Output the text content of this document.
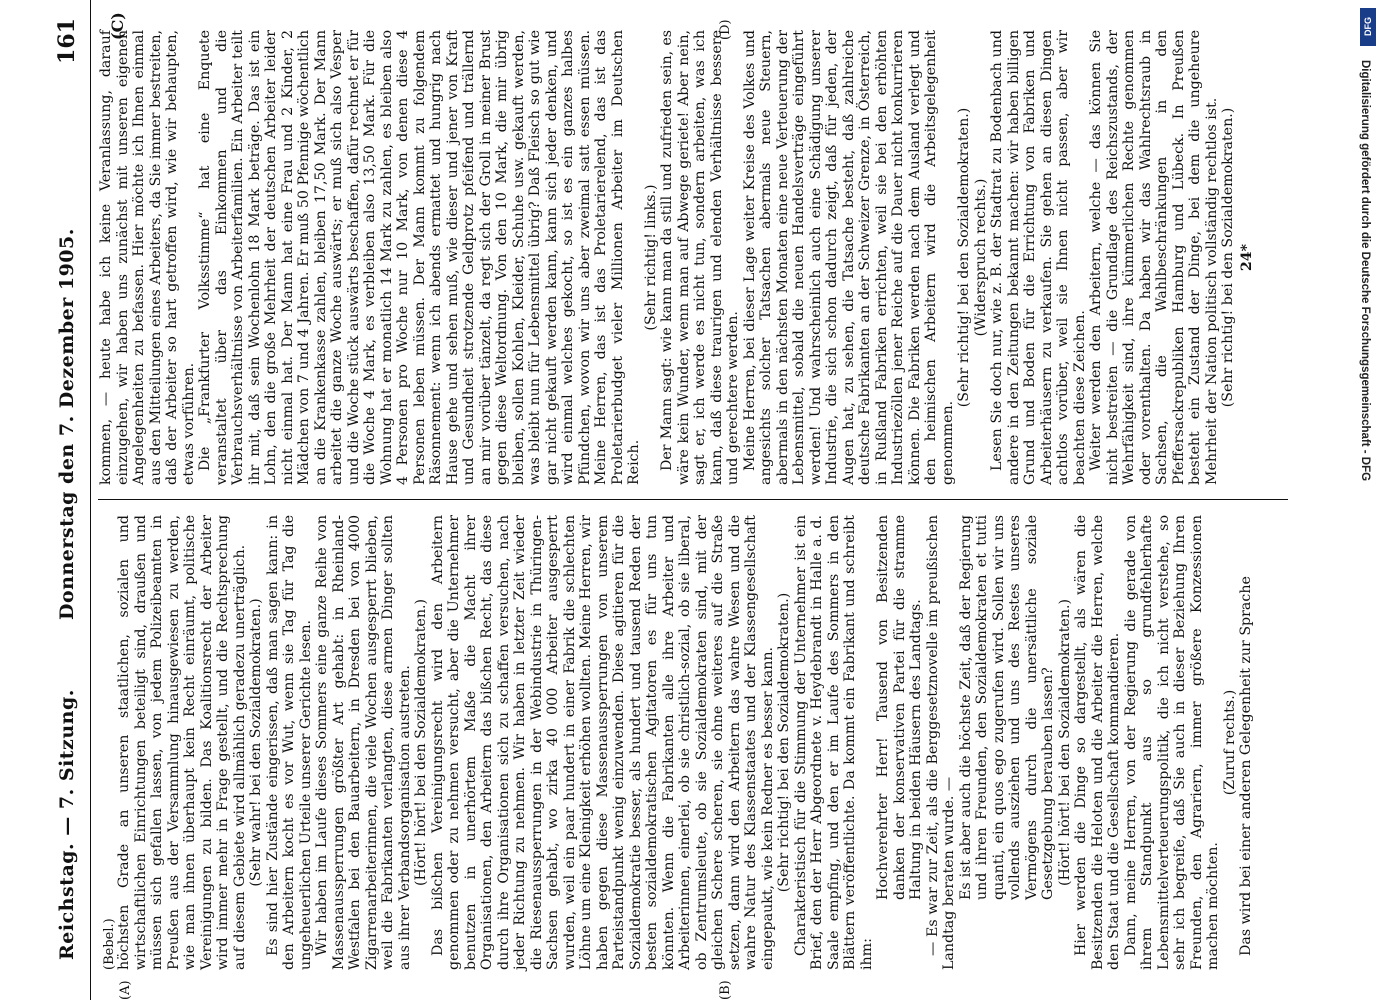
Reichstag. — 7. Sitzung.
Donnerstag den 7. Dezember 1905.
161
(Bebel.)
(A)	(B)
(D)
(C)

höchsten Grade an unseren staatlichen, sozialen und wirtschaftlichen Einrichtungen beteiligt sind, draußen und müssen sich gefallen lassen, von jedem Polizeibeamten in Preußen aus der Versammlung hinausgewiesen zu werden, wie man ihnen überhaupt kein Recht einräumt, politische Vereinigungen zu bilden. Das Koalitionsrecht der Arbeiter wird immer mehr in Frage gestellt, und die Rechtsprechung auf diesem Gebiete wird allmählich geradezu unerträglich. (Sehr wahr! bei den Sozialdemokraten.) Es sind hier Zustände eingerissen, daß man sagen kann: in den Arbeitern kocht es vor Wut, wenn sie Tag für Tag die ungeheuerlichen Urteile unserer Gerichte lesen. Wir haben im Laufe dieses Sommers eine ganze Reihe von Massenaussperrungen größter Art gehabt: in Rheinland-Westfalen bei den Bauarbeitern, in Dresden bei von 4000 Zigarrenarbeiterinnen, die viele Wochen ausgesperrt blieben, weil die Fabrikanten verlangten, diese armen Dinger sollten aus ihrer Verbandsorganisation austreten. (Hört! hört! bei den Sozialdemokraten.) Das bißchen Vereinigungsrecht wird den Arbeitern genommen oder zu nehmen versucht, aber die Unternehmer benutzen in unerhörtem Maße die Macht ihrer Organisationen, den Arbeitern das bißchen Recht, das diese durch ihre Organisationen sich zu schaffen versuchen, nach jeder Richtung zu nehmen. Wir haben in letzter Zeit wieder die Riesenaussperrungen in der Webindustrie in Thüringen-Sachsen gehabt, wo zirka 40 000 Arbeiter ausgesperrt wurden, weil ein paar hundert in einer Fabrik die schlechten Löhne um eine Kleinigkeit erhöhen wollten. Meine Herren, wir haben gegen diese Massenaussperrungen von unserem Parteistandpunkt wenig einzuwenden. Diese agitieren für die Sozialdemokratie besser, als hundert und tausend Reden der besten sozialdemokratischen Agitatoren es für uns tun könnten. Wenn die Fabrikanten alle ihre Arbeiter und Arbeiterinnen, einerlei, ob sie christlich-sozial, ob sie liberal, ob Zentrumsleute, ob sie Sozialdemokraten sind, mit der gleichen Schere scheren, sie ohne weiteres auf die Straße setzen, dann wird den Arbeitern das wahre Wesen und die wahre Natur des Klassenstaates und der Klassengesellschaft eingepaukt, wie kein Redner es besser kann. (Sehr richtig! bei den Sozialdemokraten.) Charakteristisch für die Stimmung der Unternehmer ist ein Brief, den der Herr Abgeordnete v. Heydebrandt in Halle a. d. Saale empfing, und den er im Laufe des Sommers in den Blättern veröffentlichte. Da kommt ein Fabrikant und schreibt ihm:

Hochverehrter Herr! Tausend von Besitzenden danken der konservativen Partei für die stramme Haltung in beiden Häusern des Landtags. — Es war zur Zeit, als die Berggesetznovelle im preußischen Landtag beraten wurde. — Es ist aber auch die höchste Zeit, daß der Regierung und ihren Freunden, den Sozialdemokraten et tutti quanti, ein quos ego zugerufen wird. Sollen wir uns vollends ausziehen und uns des Restes unseres Vermögens durch die unersättliche soziale Gesetzgebung berauben lassen? (Hört! hört! bei den Sozialdemokraten.) Hier werden die Dinge so dargestellt, als wären die Besitzenden die Heloten und die Arbeiter die Herren, welche den Staat und die Gesellschaft kommandieren. Dann, meine Herren, von der Regierung die gerade von ihrem Standpunkt aus so grundfehlerhafte Lebensmittelverteuerungspolitik, die ich nicht verstehe, so sehr ich begreife, daß Sie auch in dieser Beziehung Ihren Freunden, den Agrariern, immer größere Konzessionen machen möchten.

(Zuruf rechts.) Das wird bei einer anderen Gelegenheit zur Sprache

kommen, — heute habe ich keine Veranlassung, darauf einzugehen, wir haben uns zunächst mit unseren eigenen Angelegenheiten zu befassen. Hier möchte ich Ihnen einmal aus den Mitteilungen eines Arbeiters, da Sie immer bestreiten, daß der Arbeiter so hart getroffen wird, wie wir behaupten, etwas vorführen. Die „Frankfurter Volksstimme“ hat eine Enquete veranstaltet über das Einkommen und die Verbrauchsverhältnisse von Arbeiterfamilien. Ein Arbeiter teilt ihr mit, daß sein Wochenlohn 18 Mark beträge. Das ist ein Lohn, den die große Mehrheit der deutschen Arbeiter leider nicht einmal hat. Der Mann hat eine Frau und 2 Kinder, 2 Mädchen von 7 und 4 Jahren. Er muß 50 Pfennige wöchentlich an die Krankenkasse zahlen, bleiben 17,50 Mark. Der Mann arbeitet die ganze Woche auswärts; er muß sich also Vesper und die Woche stück auswärts beschaffen, dafür rechnet er für die Woche 4 Mark, es verbleiben also 13,50 Mark. Für die Wohnung hat er monatlich 14 Mark zu zahlen, es bleiben also 4 Personen pro Woche nur 10 Mark, von denen diese 4 Personen leben müssen. Der Mann kommt zu folgendem Räsonnement: wenn ich abends ermattet und hungrig nach Hause gehe und sehen muß, wie dieser und jener von Kraft und Gesundheit strotzende Geldprotz pfeifend und trällernd an mir vorüber tänzelt, da regt sich der Groll in meiner Brust gegen diese Weltordnung. Von den 10 Mark, die mir übrig bleiben, sollen Kohlen, Kleider, Schuhe usw. gekauft werden, was bleibt nun für Lebensmittel übrig? Daß Fleisch so gut wie gar nicht gekauft werden kann, kann sich jeder denken, und wird einmal welches gekocht, so ist es ein ganzes halbes Pfündchen, wovon wir uns aber zweimal satt essen müssen. Meine Herren, das ist das Proletarierelend, das ist das Proletarierbudget vieler Millionen Arbeiter im Deutschen Reich.

(Sehr richtig! links.) Der Mann sagt: wie kann man da still und zufrieden sein, es wäre kein Wunder, wenn man auf Abwege geriete! Aber nein, sagt er, ich werde es nicht tun, sondern arbeiten, was ich kann, daß diese traurigen und elenden Verhältnisse bessere und gerechtere werden. Meine Herren, bei dieser Lage weiter Kreise des Volkes und angesichts solcher Tatsachen abermals neue Steuern, abermals in den nächsten Monaten eine neue Verteuerung der Lebensmittel, sobald die neuen Handelsverträge eingeführt werden! Und wahrscheinlich auch eine Schädigung unserer Industrie, die sich schon dadurch zeigt, daß für jeden, der Augen hat, zu sehen, die Tatsache besteht, daß zahlreiche deutsche Fabrikanten an der Schweizer Grenze, in Österreich, in Rußland Fabriken errichten, weil sie bei den erhöhten Industriezöllen jener Reiche auf die Dauer nicht konkurrieren können. Die Fabriken werden nach dem Ausland verlegt und den heimischen Arbeitern wird die Arbeitsgelegenheit genommen.

(Sehr richtig! bei den Sozialdemokraten.) (Widerspruch rechts.) Lesen Sie doch nur, wie z. B. der Stadtrat zu Bodenbach und andere in den Zeitungen bekannt machen: wir haben billigen Grund und Boden für die Errichtung von Fabriken und Arbeiterhäusern zu verkaufen. Sie gehen an diesen Dingen achtlos vorüber, weil sie Ihnen nicht passen, aber wir beachten diese Zeichen. Weiter werden den Arbeitern, welche — das können Sie nicht bestreiten — die Grundlage des Reichszustands, der Wehrfähigkeit sind, ihre kümmerlichen Rechte genommen oder vorenthalten. Da haben wir das Wahlrechtsraub in Sachsen, die Wahlbeschränkungen in den Pfeffersackrepubliken Hamburg und Lübeck. In Preußen besteht ein Zustand der Dinge, bei dem die ungeheure Mehrheit der Nation politisch vollständig rechtlos ist. (Sehr richtig! bei den Sozialdemokraten.) 24*

DFG
Digitalisierung gefördert durch die Deutsche Forschungsgemeinschaft - DFG
